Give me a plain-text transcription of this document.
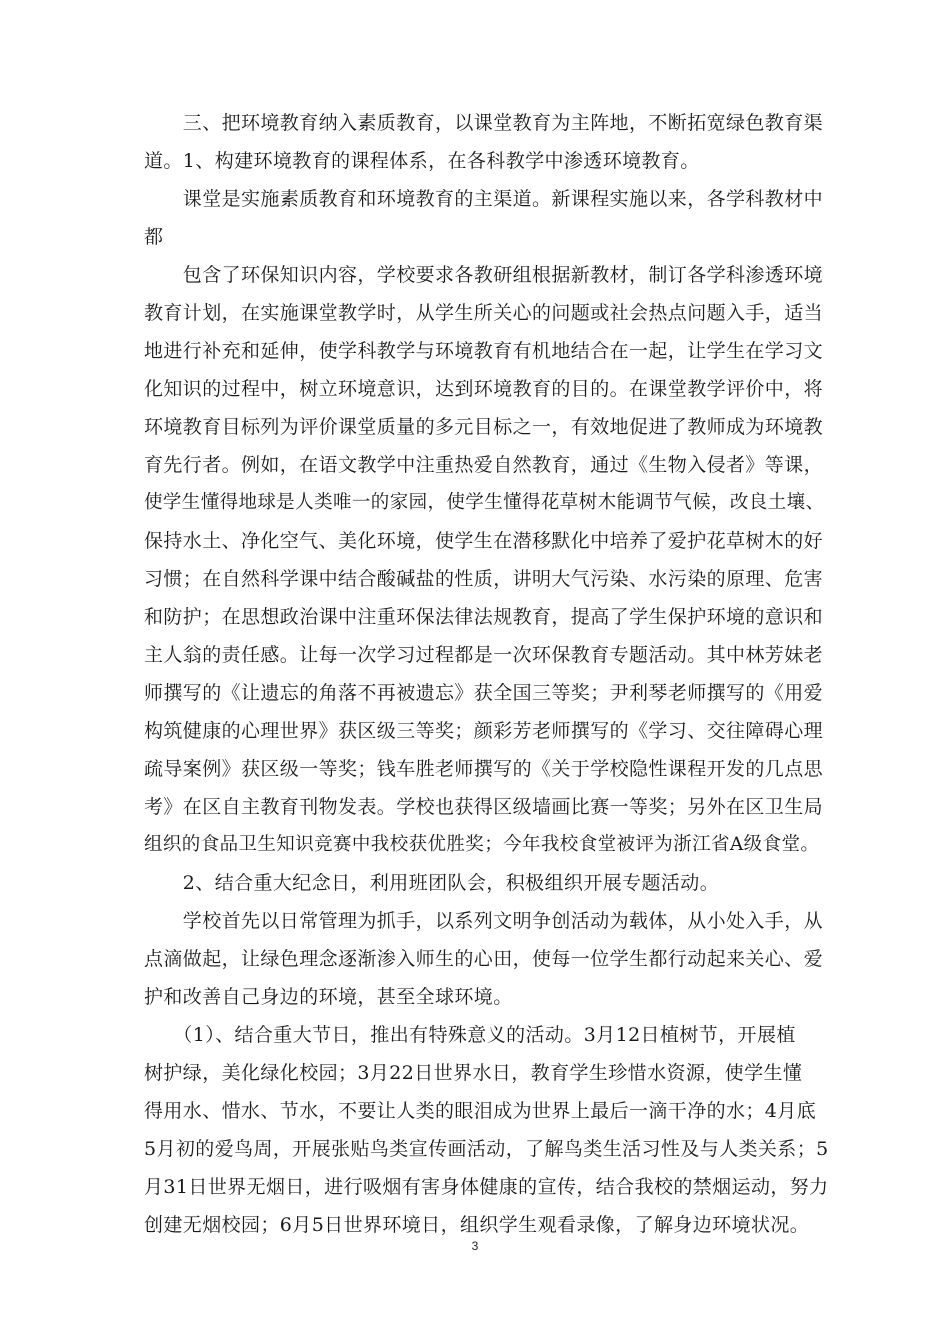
　　三、把环境教育纳入素质教育，以课堂教育为主阵地，不断拓宽绿色教育渠
道。1、构建环境教育的课程体系，在各科教学中渗透环境教育。
　　课堂是实施素质教育和环境教育的主渠道。新课程实施以来，各学科教材中
都
　　包含了环保知识内容，学校要求各教研组根据新教材，制订各学科渗透环境
教育计划，在实施课堂教学时，从学生所关心的问题或社会热点问题入手，适当
地进行补充和延伸，使学科教学与环境教育有机地结合在一起，让学生在学习文
化知识的过程中，树立环境意识，达到环境教育的目的。在课堂教学评价中，将
环境教育目标列为评价课堂质量的多元目标之一，有效地促进了教师成为环境教
育先行者。例如，在语文教学中注重热爱自然教育，通过《生物入侵者》等课，
使学生懂得地球是人类唯一的家园，使学生懂得花草树木能调节气候，改良土壤、
保持水土、净化空气、美化环境，使学生在潜移默化中培养了爱护花草树木的好
习惯；在自然科学课中结合酸碱盐的性质，讲明大气污染、水污染的原理、危害
和防护；在思想政治课中注重环保法律法规教育，提高了学生保护环境的意识和
主人翁的责任感。让每一次学习过程都是一次环保教育专题活动。其中林芳妹老
师撰写的《让遗忘的角落不再被遗忘》获全国三等奖；尹利琴老师撰写的《用爱
构筑健康的心理世界》获区级三等奖；颜彩芳老师撰写的《学习、交往障碍心理
疏导案例》获区级一等奖；钱车胜老师撰写的《关于学校隐性课程开发的几点思
考》在区自主教育刊物发表。学校也获得区级墙画比赛一等奖；另外在区卫生局
组织的食品卫生知识竞赛中我校获优胜奖；今年我校食堂被评为浙江省A级食堂。
　　2、结合重大纪念日，利用班团队会，积极组织开展专题活动。
　　学校首先以日常管理为抓手，以系列文明争创活动为载体，从小处入手，从
点滴做起，让绿色理念逐渐渗入师生的心田，使每一位学生都行动起来关心、爱
护和改善自己身边的环境，甚至全球环境。
　　（1）、结合重大节日，推出有特殊意义的活动。3月12日植树节，开展植
树护绿，美化绿化校园；3月22日世界水日，教育学生珍惜水资源，使学生懂
得用水、惜水、节水，不要让人类的眼泪成为世界上最后一滴干净的水；4月底
5月初的爱鸟周，开展张贴鸟类宣传画活动，了解鸟类生活习性及与人类关系；5
月31日世界无烟日，进行吸烟有害身体健康的宣传，结合我校的禁烟运动，努力
创建无烟校园；6月5日世界环境日，组织学生观看录像，了解身边环境状况。
3
